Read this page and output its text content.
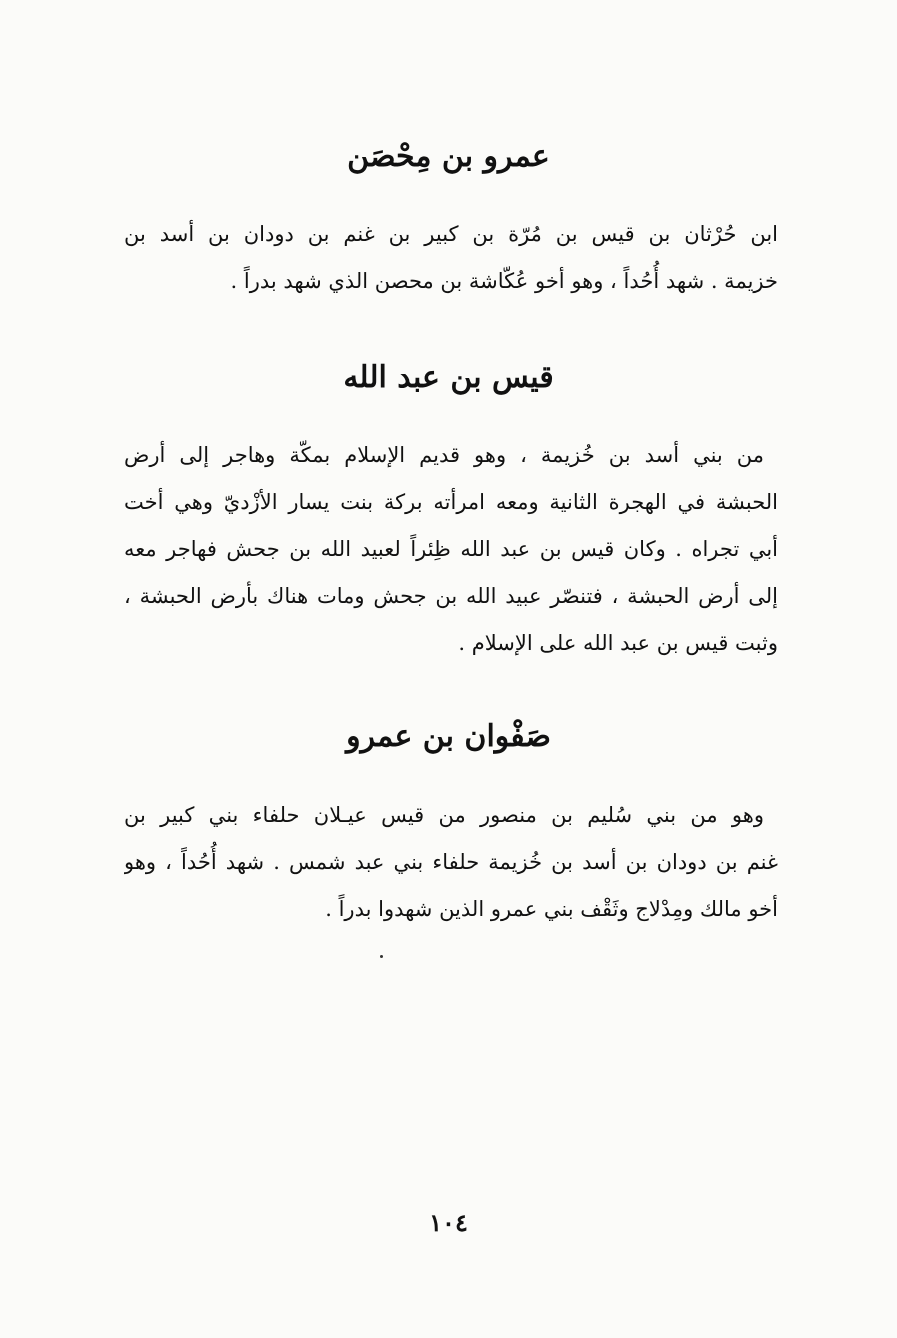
عمرو بن مِحْصَن
ابن حُرْثان بن قيس بن مُرّة بن كبير بن غنم بن دودان بن أسد بن
خزيمة . شهد أُحُداً ، وهو أخو عُكّاشة بن محصن الذي شهد بدراً .
قيس بن عبد الله
من بني أسد بن خُزيمة ، وهو قديم الإسلام بمكّة وهاجر إلى أرض
الحبشة في الهجرة الثانية ومعه امرأته بركة بنت يسار الأزْديّ وهي أخت
أبي تجراه . وكان قيس بن عبد الله ظِئراً لعبيد الله بن جحش فهاجر معه
إلى أرض الحبشة ، فتنصّر عبيد الله بن جحش ومات هناك بأرض الحبشة ،
وثبت قيس بن عبد الله على الإسلام .
صَفْوان بن عمرو
وهو من بني سُليم بن منصور من قيس عيـلان حلفاء بني كبير بن
غنم بن دودان بن أسد بن خُزيمة حلفاء بني عبد شمس . شهد أُحُداً ، وهو
أخو مالك ومِدْلاج وثَقْف بني عمرو الذين شهدوا بدراً .
١٠٤
